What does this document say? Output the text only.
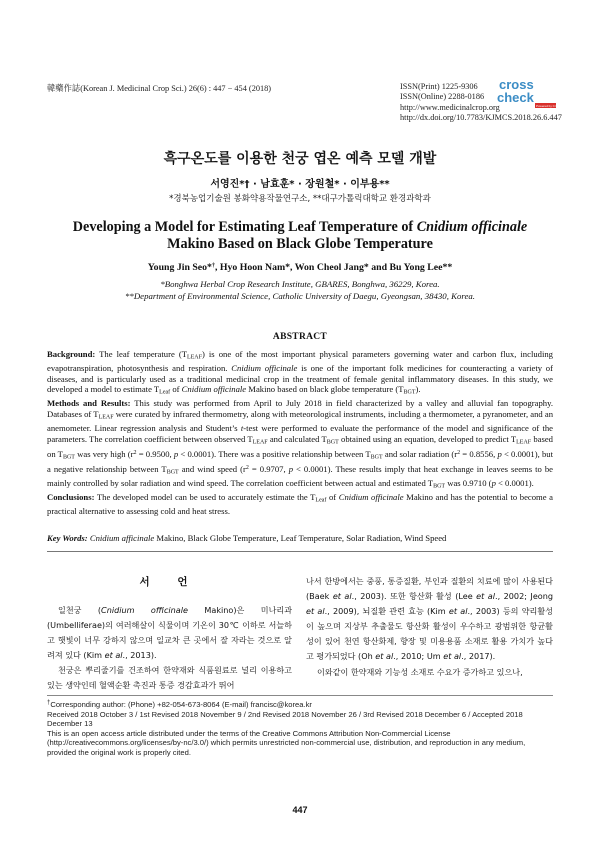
韓藥作誌(Korean J. Medicinal Crop Sci.) 26(6) : 447 − 454 (2018)	ISSN(Print) 1225-9306
ISSN(Online) 2288-0186
http://www.medicinalcrop.org
http://dx.doi.org/10.7783/KJMCS.2018.26.6.447
cross
check
Powered by Crossref
흑구온도를 이용한 천궁 엽온 예측 모델 개발
서영진*† · 남효훈* · 장원철* · 이부용**
*경북농업기술원 봉화약용작물연구소, **대구가톨릭대학교 환경과학과
Developing a Model for Estimating Leaf Temperature of Cnidium officinale
Makino Based on Black Globe Temperature
Young Jin Seo*†, Hyo Hoon Nam*, Won Cheol Jang* and Bu Yong Lee**
*Bonghwa Herbal Crop Research Institute, GBARES, Bonghwa, 36229, Korea.
**Department of Environmental Science, Catholic University of Daegu, Gyeongsan, 38430, Korea.
ABSTRACT

Background: The leaf temperature $(T_{LEAF})$ is one of the most important physical parameters governing water and carbon flux, including evapotranspiration, photosynthesis and respiration. Cnidium officinale is one of the important folk medicines for counteracting a variety of diseases, and is particularly used as a traditional medicinal crop in the treatment of female genital inflammatory diseases. In this study, we developed a model to estimate $T_{Leaf}$ of Cnidium officinale Makino based on black globe temperature $(T_{BGT})$.

Methods and Results: This study was performed from April to July 2018 in field characterized by a valley and alluvial fan topography. Databases of $T_{LEAF}$ were curated by infrared thermometry, along with meteorological instruments, including a thermometer, a pyranometer, and an anemometer. Linear regression analysis and Student’s t-test were performed to evaluate the performance of the model and significance of the parameters. The correlation coefficient between observed $T_{LEAF}$ and calculated $T_{BGT}$ obtained using an equation, developed to predict $T_{LEAF}$ based on $T_{BGT}$ was very high ($r^2 = 0.9500$, p < 0.0001). There was a positive relationship between $T_{BGT}$ and solar radiation ($r^2 = 0.8556$, p < 0.0001), but a negative relationship between $T_{BGT}$ and wind speed ($r^2 = 0.9707$, p < 0.0001). These results imply that heat exchange in leaves seems to be mainly controlled by solar radiation and wind speed. The correlation coefficient between actual and estimated $T_{BGT}$ was 0.9710 (p < 0.0001).

Conclusions: The developed model can be used to accurately estimate the $T_{Leaf}$ of Cnidium officinale Makino and has the potential to become a practical alternative to assessing cold and heat stress.

Key Words: Cnidium afficinale Makino, Black Globe Temperature, Leaf Temperature, Solar Radiation, Wind Speed
서 언

일천궁 (Cnidium officinale Makino)은 미나리과 (Umbelliferae)의 여러해살이 식물이며 기온이 30℃ 이하로 서늘하고 햇빛이 너무 강하지 않으며 일교차 큰 곳에서 잘 자라는 것으로 알려져 있다 (Kim et al., 2013).

천궁은 뿌리줄기를 건조하여 한약재와 식품원료로 널리 이용하고 있는 생약인데 혈액순환 촉진과 통증 경감효과가 뛰어

나서 한방에서는 중풍, 통증질환, 부인과 질환의 치료에 많이 사용된다 (Baek et al., 2003). 또한 항산화 활성 (Lee et al., 2002; Jeong et al., 2009), 뇌질환 관련 효능 (Kim et al., 2003) 등의 약리활성이 높으며 지상부 추출물도 항산화 활성이 우수하고 광범위한 항균활성이 있어 천연 항산화제, 향장 및 미용용품 소재로 활용 가치가 높다고 평가되었다 (Oh et al., 2010; Um et al., 2017).

이와같이 한약재와 기능성 소재로 수요가 증가하고 있으나,

†Corresponding author: (Phone) +82-054-673-8064 (E-mail) francisc@korea.kr

Received 2018 October 3 / 1st Revised 2018 November 9 / 2nd Revised 2018 November 26 / 3rd Revised 2018 December 6 / Accepted 2018 December 13

This is an open access article distributed under the terms of the Creative Commons Attribution Non-Commercial License (http://creativecommons.org/licenses/by-nc/3.0/) which permits unrestricted non-commercial use, distribution, and reproduction in any medium, provided the original work is properly cited.

447
